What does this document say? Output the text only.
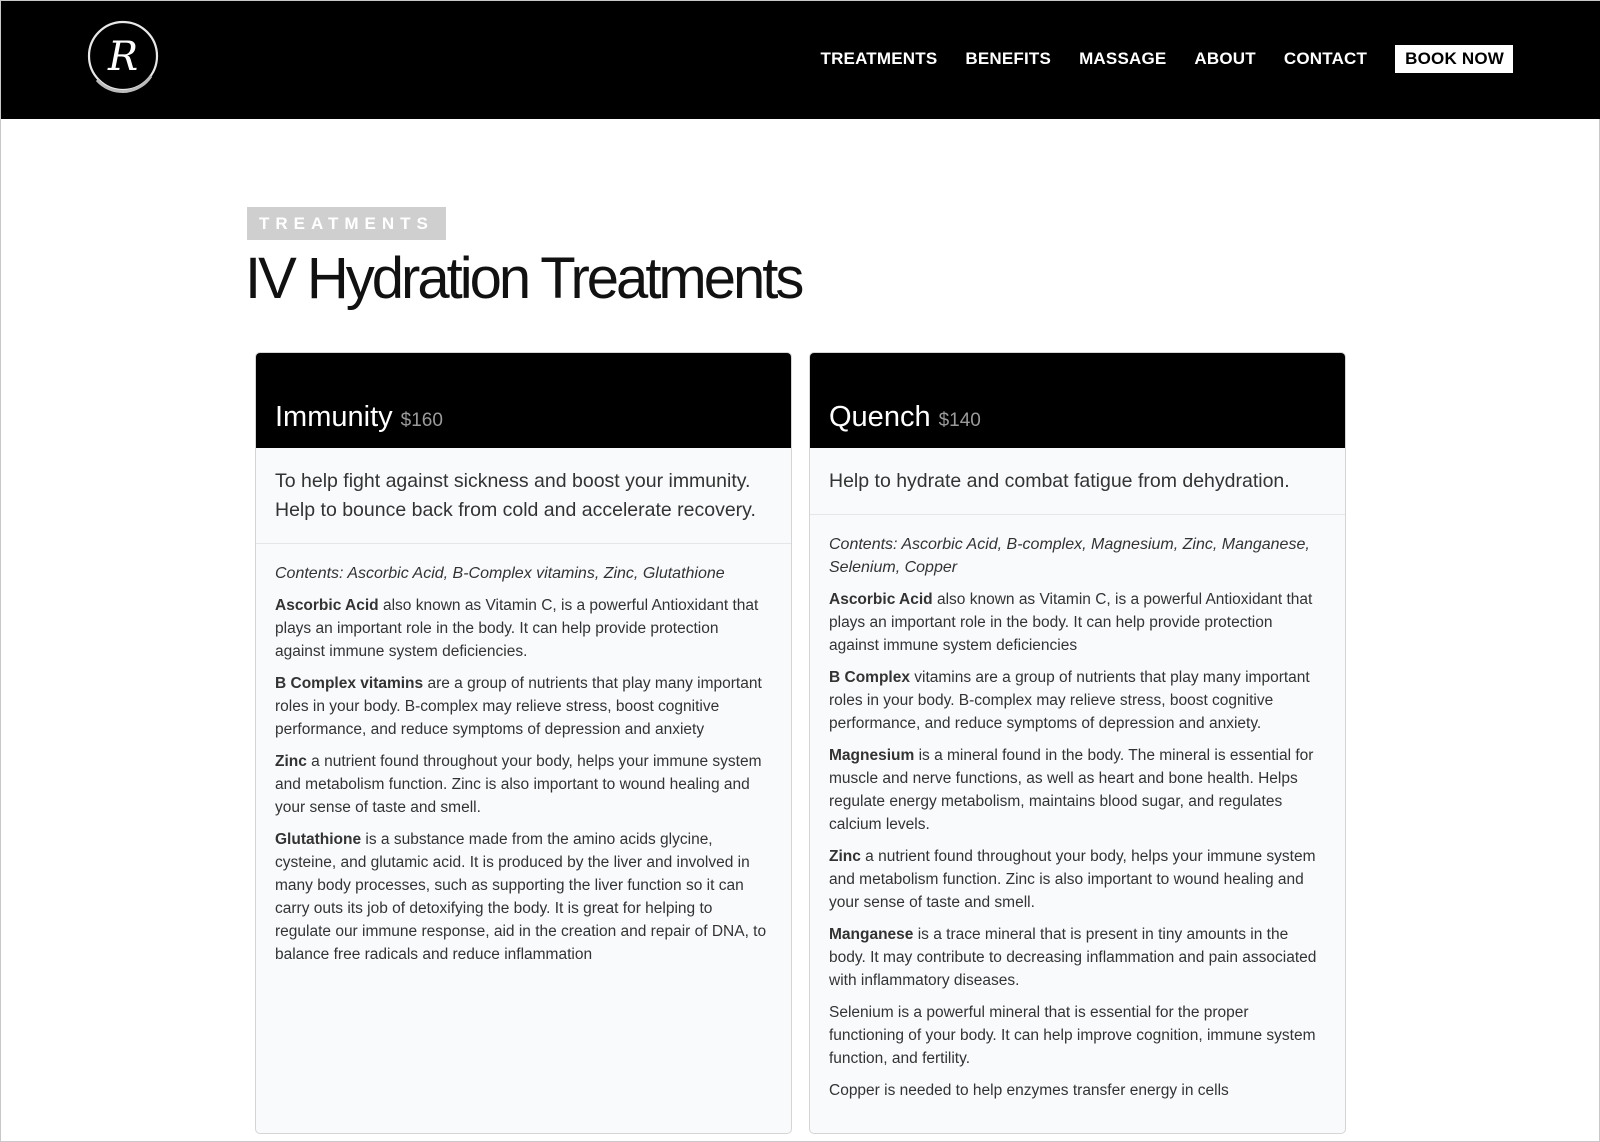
R	TREATMENTS BENEFITS MASSAGE ABOUT CONTACT	BOOK NOW
TREATMENTS
IV Hydration Treatments
Immunity $160
To help fight against sickness and boost your immunity. Help to bounce back from cold and accelerate recovery.

Contents: Ascorbic Acid, B-Complex vitamins, Zinc, Glutathione

Ascorbic Acid also known as Vitamin C, is a powerful Antioxidant that plays an important role in the body. It can help provide protection against immune system deficiencies.

B Complex vitamins are a group of nutrients that play many important roles in your body. B-complex may relieve stress, boost cognitive performance, and reduce symptoms of depression and anxiety

Zinc a nutrient found throughout your body, helps your immune system and metabolism function. Zinc is also important to wound healing and your sense of taste and smell.

Glutathione is a substance made from the amino acids glycine, cysteine, and glutamic acid. It is produced by the liver and involved in many body processes, such as supporting the liver function so it can carry outs its job of detoxifying the body. It is great for helping to regulate our immune response, aid in the creation and repair of DNA, to balance free radicals and reduce inflammation

Quench $140
Help to hydrate and combat fatigue from dehydration.

Contents: Ascorbic Acid, B-complex, Magnesium, Zinc, Manganese, Selenium, Copper

Ascorbic Acid also known as Vitamin C, is a powerful Antioxidant that plays an important role in the body. It can help provide protection against immune system deficiencies

B Complex vitamins are a group of nutrients that play many important roles in your body. B-complex may relieve stress, boost cognitive performance, and reduce symptoms of depression and anxiety.

Magnesium is a mineral found in the body. The mineral is essential for muscle and nerve functions, as well as heart and bone health. Helps regulate energy metabolism, maintains blood sugar, and regulates calcium levels.

Zinc a nutrient found throughout your body, helps your immune system and metabolism function. Zinc is also important to wound healing and your sense of taste and smell.

Manganese is a trace mineral that is present in tiny amounts in the body. It may contribute to decreasing inflammation and pain associated with inflammatory diseases.

Selenium is a powerful mineral that is essential for the proper functioning of your body. It can help improve cognition, immune system function, and fertility.

Copper is needed to help enzymes transfer energy in cells
